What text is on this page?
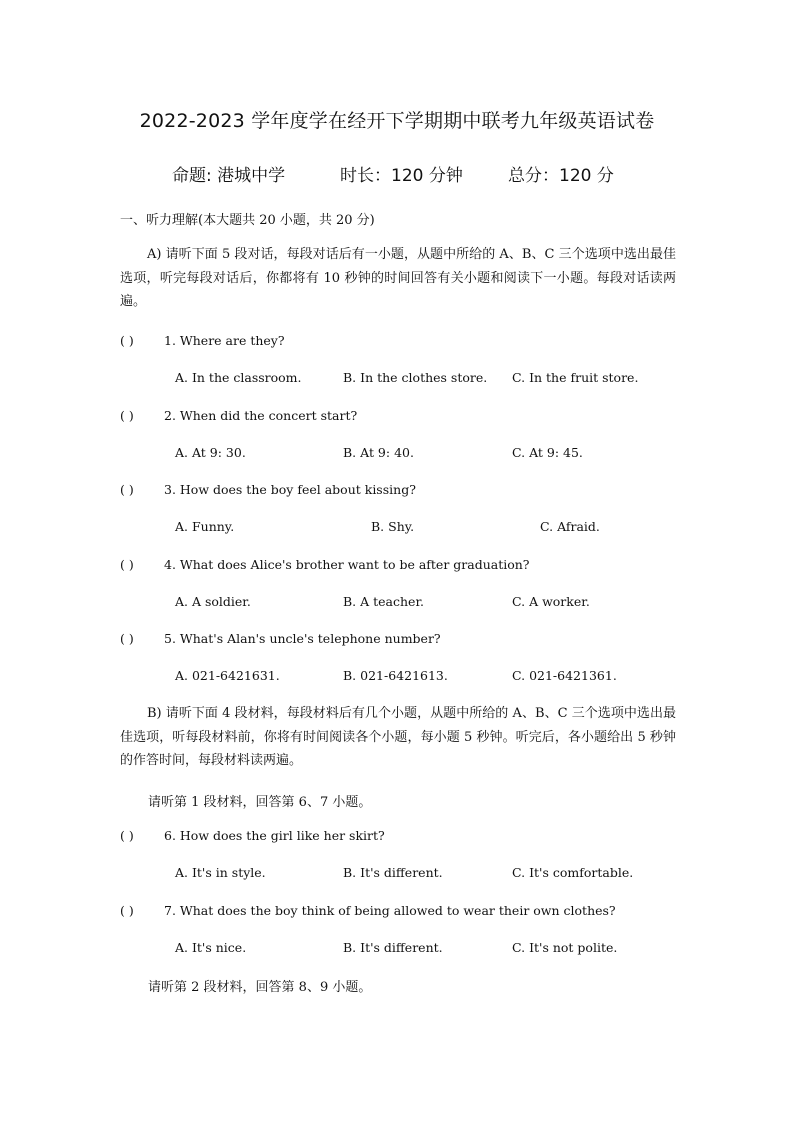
2022-2023 学年度学在经开下学期期中联考九年级英语试卷
命题: 港城中学	时长：120 分钟	总分：120 分
一、听力理解(本大题共 20 小题，共 20 分)
A) 请听下面 5 段对话，每段对话后有一小题，从题中所给的 A、B、C 三个选项中选出最佳选项，听完每段对话后，你都将有 10 秒钟的时间回答有关小题和阅读下一小题。每段对话读两遍。
( ) 1. Where are they?
A. In the classroom.	B. In the clothes store. C. In the fruit store.
( ) 2. When did the concert start?
A. At 9: 30.	B. At 9: 40.	C. At 9: 45.
( ) 3. How does the boy feel about kissing?
A. Funny.	B. Shy.	C. Afraid.
( ) 4. What does Alice's brother want to be after graduation?
A. A soldier.	B. A teacher.	C. A worker.
( ) 5. What's Alan's uncle's telephone number?
A. 021-6421631.	B. 021-6421613.	C. 021-6421361.
B) 请听下面 4 段材料，每段材料后有几个小题，从题中所给的 A、B、C 三个选项中选出最佳选项，听每段材料前，你将有时间阅读各个小题，每小题 5 秒钟。听完后，各小题给出 5 秒钟的作答时间，每段材料读两遍。
请听第 1 段材料，回答第 6、7 小题。
( ) 6. How does the girl like her skirt?
A. It's in style.	B. It's different.	C. It's comfortable.
( ) 7. What does the boy think of being allowed to wear their own clothes?
A. It's nice.	B. It's different.	C. It's not polite.
请听第 2 段材料，回答第 8、9 小题。
